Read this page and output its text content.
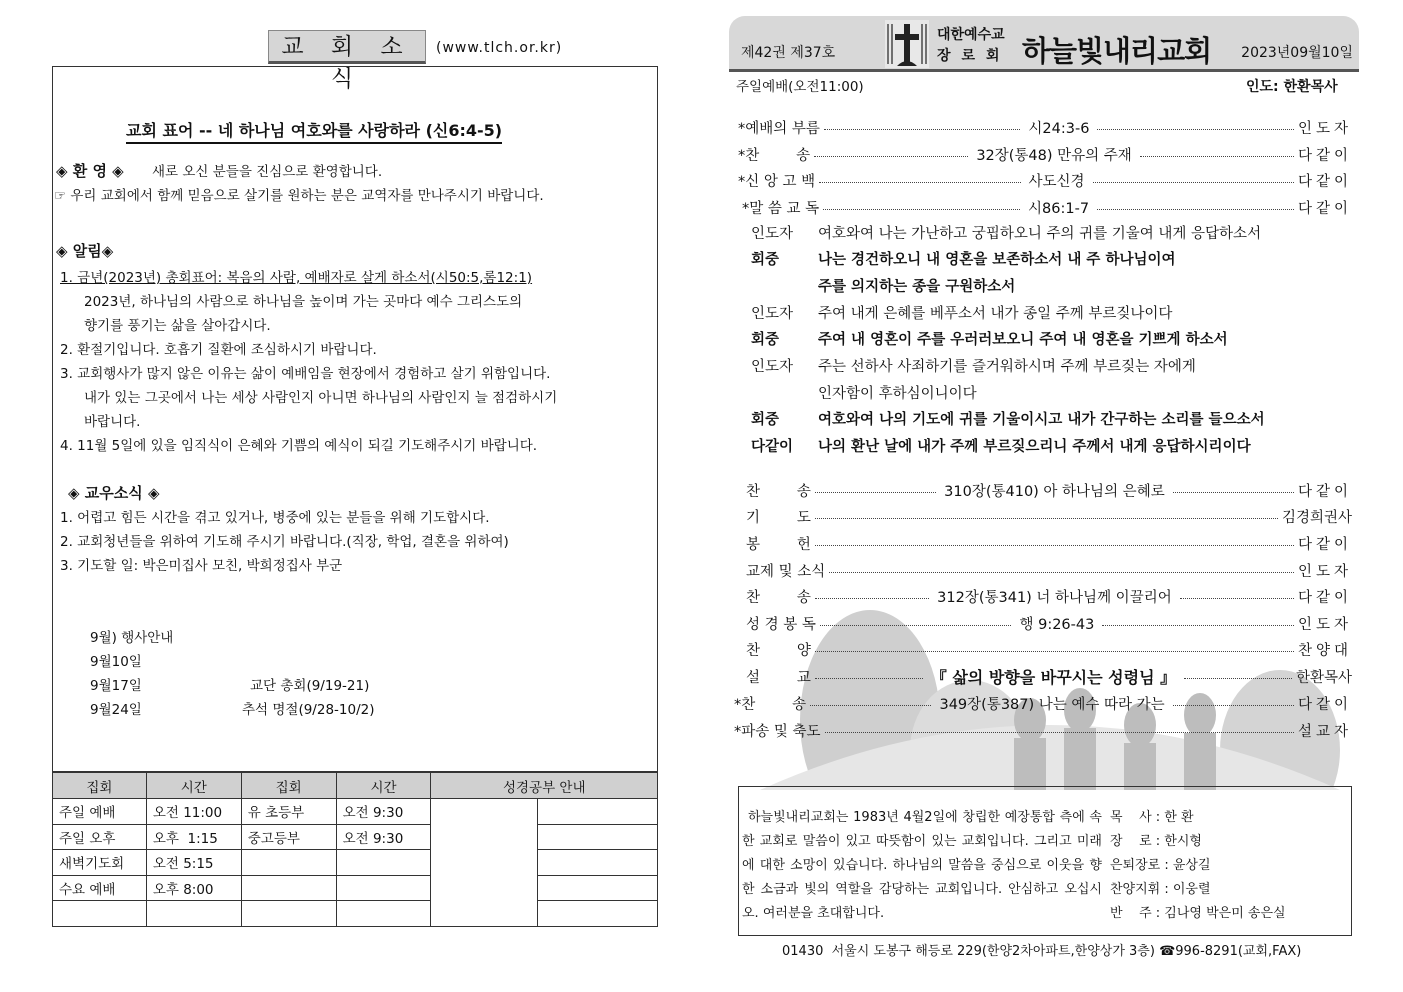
교 회 소 식
(www.tlch.or.kr)
교회 표어 -- 네 하나님 여호와를 사랑하라 (신6:4-5)
◈ 환 영 ◈ 새로 오신 분들을 진심으로 환영합니다.
☞ 우리 교회에서 함께 믿음으로 살기를 원하는 분은 교역자를 만나주시기 바랍니다.
◈ 알림◈
1. 금년(2023년) 총회표어: 복음의 사람, 예배자로 살게 하소서(시50:5,롬12:1)
2023년, 하나님의 사람으로 하나님을 높이며 가는 곳마다 예수 그리스도의
향기를 풍기는 삶을 살아갑시다.
2. 환절기입니다. 호흡기 질환에 조심하시기 바랍니다.
3. 교회행사가 많지 않은 이유는 삶이 예배임을 현장에서 경험하고 살기 위함입니다.
내가 있는 그곳에서 나는 세상 사람인지 아니면 하나님의 사람인지 늘 점검하시기
바랍니다.
4. 11월 5일에 있을 임직식이 은혜와 기쁨의 예식이 되길 기도해주시기 바랍니다.
◈ 교우소식 ◈
1. 어렵고 힘든 시간을 겪고 있거나, 병중에 있는 분들을 위해 기도합시다.
2. 교회청년들을 위하여 기도해 주시기 바랍니다.(직장, 학업, 결혼을 위하여)
3. 기도할 일: 박은미집사 모친, 박희정집사 부군
9월) 행사안내
9월10일
9월17일	교단 총회(9/19-21)
9월24일	추석 명절(9/28-10/2)
집회	시간	집회	시간	성경공부 안내	
주일 예배	오전 11:00	유 초등부	오전 9:30		
주일 오후	오후  1:15	중고등부	오전 9:30		
새벽기도회	오전 5:15				
수요 예배	오후 8:00				

제42권 제37호
대한예수교
장로회 하늘빛내리교회 2023년09월10일
주일예배(오전11:00)	인도: 한환목사
*예배의 부름	시24:3-6	인도자
*찬        송	32장(통48) 만유의 주재	다같이
*신 앙 고 백	사도신경	다같이
*말 씀 교 독	시86:1-7	다같이
인도자 여호와여 나는 가난하고 궁핍하오니 주의 귀를 기울여 내게 응답하소서
회중	나는 경건하오니 내 영혼을 보존하소서 내 주 하나님이여
주를 의지하는 종을 구원하소서
인도자 주여 내게 은혜를 베푸소서 내가 종일 주께 부르짖나이다
회중	주여 내 영혼이 주를 우러러보오니 주여 내 영혼을 기쁘게 하소서
인도자 주는 선하사 사죄하기를 즐거워하시며 주께 부르짖는 자에게
인자함이 후하심이니이다
회중	여호와여 나의 기도에 귀를 기울이시고 내가 간구하는 소리를 들으소서
다같이 나의 환난 날에 내가 주께 부르짖으리니 주께서 내게 응답하시리이다
찬        송	310장(통410) 아 하나님의 은혜로	다같이
기        도	김경희권사
봉        헌	다같이
교제 및 소식	인도자
찬        송	312장(통341) 너 하나님께 이끌리어	다같이
성 경 봉 독	행 9:26-43	인도자
찬        양	찬양대
설        교	『 삶의 방향을 바꾸시는 성령님 』	한환목사
*찬        송	349장(통387) 나는 예수 따라 가는	다같이
*파송 및 축도	설교자
하늘빛내리교회는 1983년 4월2일에 창립한 예장통합 측에 속한 교회로 말씀이 있고 따뜻함이 있는 교회입니다. 그리고 미래에 대한 소망이 있습니다. 하나님의 말씀을 중심으로 이웃을 향한 소금과 빛의 역할을 감당하는 교회입니다. 안심하고 오십시오. 여러분을 초대합니다.
목    사 : 한 환
장    로 : 한시형
은퇴장로 : 윤상길
찬양지휘 : 이웅렬
반    주 : 김나영 박은미 송은실
01430  서울시 도봉구 해등로 229(한양2차아파트,한양상가 3층) ☎996-8291(교회,FAX)
